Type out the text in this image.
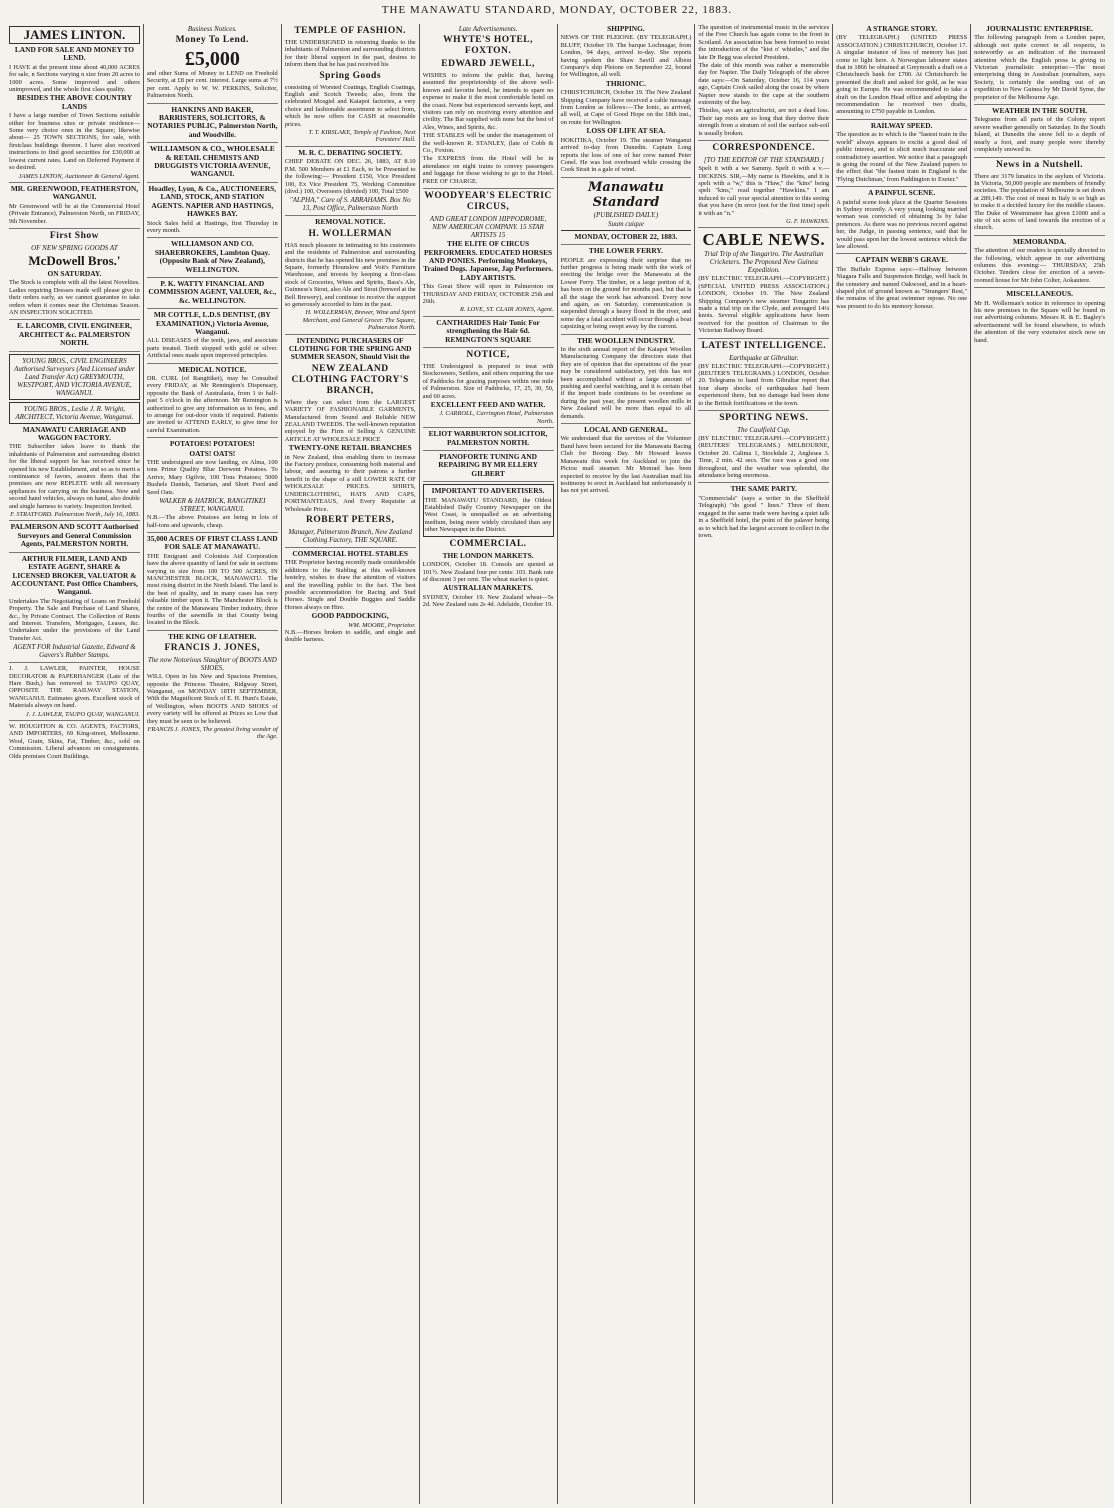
THE MANAWATU STANDARD, MONDAY, OCTOBER 22, 1883.
JAMES LINTON.
LAND FOR SALE AND MONEY TO LEND.
I HAVE at the present time about 40,000 ACRES for sale, n Sections varying n size from 20 acres to 1000 acres. Some improved and others unimproved, and the whole first class quality.
BESIDES THE ABOVE COUNTRY LANDS
I have a large number of Town Sections suitable either for business sites or private residence—Some very choice ones in the Square; likewise about— 25 TOWN SECTIONS, for sale, with firstclass buildings thereon. I have also received instructions to find good securities for £30,000 at lowest current rates. Land on Deferred Payment if so desired.
JAMES LINTON, Auctioneer & General Agent.
MR. GREENWOOD, FEATHERSTON, WANGANUI.
Mr Greenwood will be at the Commercial Hotel (Private Entrance), Palmerston North, on FRIDAY, 9th November.
First Show
OF NEW SPRING GOODS AT
McDowell Bros.'
ON SATURDAY.
The Stock is complete with all the latest Novelties. Ladies requiring Dresses made will please give in their orders early, as we cannot guarantee to take orders when it comes near the Christmas Season. AN INSPECTION SOLICITED.
E. LARCOMB, CIVIL ENGINEER, ARCHITECT &c. PALMERSTON NORTH.
YOUNG BROS., CIVIL ENGINEERS Authorised Surveyors (And Licensed under Land Transfer Act) GREYMOUTH, WESTPORT, AND VICTORIA AVENUE, WANGANUI.
YOUNG BROS., Leslie J. R. Wright, ARCHITECT, Victoria Avenue, Wanganui.
MANAWATU CARRIAGE AND WAGGON FACTORY.
THE Subscriber takes leave to thank the inhabitants of Palmerston and surrounding district for the liberal support he has received since he opened his new Establishment, and so as to merit a continuance of favors, assures them that the premises are now REPLETE with all necessary appliances for carrying on the business. New and second hand vehicles, always on hand, also double and single harness to variety. Inspection Invited.
F. STRATFORD. Palmerston North, July 16, 1883.
PALMERSON AND SCOTT Authorised Surveyors and General Commission Agents, PALMERSTON NORTH.
ARTHUR FILMER, LAND AND ESTATE AGENT, SHARE & LICENSED BROKER, VALUATOR & ACCOUNTANT. Post Office Chambers, Wanganui.
Undertakes The Negotiating of Loans on Freehold Property. The Sale and Purchase of Land Shares, &c., by Private Contract. The Collection of Rents and Interest. Transfers, Mortgages, Leases, &c. Undertaken under the provisions of the Land Transfer Act.
AGENT FOR Industrial Gazette, Edward & Gavers's Rubber Stamps.
J. J. LAWLER, PAINTER, HOUSE DECORATOR & PAPERHANGER (Late of the Hare Bush,) has removed to TAUPO QUAY, OPPOSITE THE RAILWAY STATION, WANGANUI. Estimates given. Excellent stock of Materials always on hand.
J. J. LAWLER, TAUPO QUAY, WANGANUI.
W. HOUGHTON & CO. AGENTS, FACTORS, AND IMPORTERS, 69 King-street, Melbourne. Wool, Grain, Skins, Fat, Timber, &c., sold on Commission. Liberal advances on consignments. Olds premises Court Buildings.
Business Notices.
Money To Lend.
£5,000
and other Sums of Money to LEND on Freehold Security, at £8 per cent. interest. Large sums at 7½ per cent. Apply to W. W. PERKINS, Solicitor, Palmerston North.
HANKINS AND BAKER, BARRISTERS, SOLICITORS, & NOTARIES PUBLIC, Palmerston North, and Woodville.
WILLIAMSON & CO., WHOLESALE & RETAIL CHEMISTS AND DRUGGISTS VICTORIA AVENUE, WANGANUI.
Hoadley, Lyon, & Co., AUCTIONEERS, LAND, STOCK, AND STATION AGENTS. NAPIER AND HASTINGS, HAWKES BAY.
Stock Sales held at Hastings, first Thursday in every month.
WILLIAMSON AND CO. SHAREBROKERS, Lambton Quay. (Opposite Bank of New Zealand), WELLINGTON.
P. K. WATTY FINANCIAL AND COMMISSION AGENT, VALUER, &c., &c. WELLINGTON.
MR COTTLE, L.D.S DENTIST, (BY EXAMINATION,) Victoria Avenue, Wanganui.
ALL DISEASES of the teeth, jaws, and associate parts treated. Teeth stopped with gold or silver. Artificial ones made upon improved principles.
MEDICAL NOTICE.
DR. CURL (of Rangitikei), may be Consulted every FRIDAY, at Mr Remington's Dispensary, opposite the Bank of Australasia, from 1 to half-past 5 o'clock in the afternoon. Mr Remington is authorized to give any information as to fees, and to arrange for out-door visits if required. Patients are invited to ATTEND EARLY, to give time for careful Examination.
POTATOES! POTATOES!
OATS! OATS!
THE undersigned are now landing, ex Alma, 100 tons Prime Quality Blue Derwent Potatoes. To Arrive, Mary Ogilvie, 100 Tons Potatoes; 5000 Bushels Danish, Tartarian, and Short Feed and Seed Oats.
WALKER & HATRICK, RANGITIKEI STREET, WANGANUI.
N.B.—The above Potatoes are being in lots of half-tons and upwards, cheap.
35,000 ACRES OF FIRST CLASS LAND FOR SALE AT MANAWATU.
THE Emigrant and Colonists Aid Corporation have the above quantity of land for sale in sections varying in size from 100 TO 500 ACRES, IN MANCHESTER BLOCK, MANAWATU. The most rising district in the North Island. The land is the best of quality, and in many cases has very valuable timber upon it. The Manchester Block is the centre of the Manawatu Timber industry, three fourths of the sawmills in that County being located in the Block.
THE KING OF LEATHER.
FRANCIS J. JONES,
The now Notorious Slaughter of BOOTS AND SHOES,
WILL Open in his New and Spacious Premises, opposite the Princess Theatre, Ridgway Street, Wanganui, on MONDAY 18TH SEPTEMBER, With the Magnificent Stock of E. H. Hunt's Estate, of Wellington, when BOOTS AND SHOES of every variety will be offered at Prices so Low that they must be seen to be believed.
FRANCIS J. JONES, The greatest living wonder of the Age.
TEMPLE OF FASHION.
THE UNDERSIGNED in returning thanks to the inhabitants of Palmerston and surrounding districts for their liberal support in the past, desires to inform them that he has just received his
Spring Goods
consisting of Worsted Coatings, English Coatings, English and Scotch Tweeds; also, from the celebrated Mosgiel and Kaiapoi factories, a very choice and fashionable assortment to select from, which he now offers for CASH at reasonable prices.
T. T. KIRSLAKE, Temple of Fashion, Next Foresters' Hall.
M. R. C. DEBATING SOCIETY.
CHIEF DEBATE ON DEC. 26, 1883, AT 8.10 P.M. 500 Members at £1 Each, to be Presented to the following:— President £150, Vice President 100, Ex Vice President 75, Working Committee (divd.) 100, Overseers (divided) 100, Total £500
"ALPHA," Care of S. ABRAHAMS. Box No 13, Post Office, Palmerston North
REMOVAL NOTICE.
H. WOLLERMAN
HAS much pleasure in intimating to his customers and the residents of Palmerston and surrounding districts that he has opened his new premises in the Square, formerly Hounslow and Voit's Furniture Warehouse, and invests by keeping a first-class stock of Groceries, Wines and Spirits, Bass's Ale, Guinness's Stout, also Ale and Stout (brewed at the Bell Brewery), and continue to receive the support so generously accorded to him in the past.
H. WOLLERMAN, Brewer, Wine and Spirit Merchant, and General Grocer. The Square, Palmerston North.
INTENDING PURCHASERS OF CLOTHING FOR THE SPRING AND SUMMER SEASON, Should Visit the
NEW ZEALAND CLOTHING FACTORY'S BRANCH,
Where they can select from the LARGEST VARIETY OF FASHIONABLE GARMENTS, Manufactured from Sound and Reliable NEW ZEALAND TWEEDS. The well-known reputation enjoyed by the Firm of Selling A GENUINE ARTICLE AT WHOLESALE PRICE
TWENTY-ONE RETAIL BRANCHES
in New Zealand, thus enabling them to increase the Factory produce, consuming both material and labour, and assuring to their patrons a further benefit in the shape of a still LOWER RATE OF WHOLESALE PRICES. SHIRTS, UNDERCLOTHING, HATS AND CAPS, PORTMANTEAUS, And Every Requisite at Wholesale Price.
ROBERT PETERS,
Manager, Palmerston Branch, New Zealand Clothing Factory, THE SQUARE.
COMMERCIAL HOTEL STABLES
THE Proprietor having recently made considerable additions to the Stabling at this well-known hostelry, wishes to draw the attention of visitors and the travelling public to the fact. The best possible accommodation for Racing and Stud Horses. Single and Double Buggies and Saddle Horses always on Hire.
GOOD PADDOCKING,
WM. MOORE, Proprietor.
N.B.—Horses broken to saddle, and single and double harness.
Late Advertisements.
WHYTE'S HOTEL, FOXTON.
EDWARD JEWELL,
WISHES to inform the public that, having assumed the proprietorship of the above well-known and favorite hotel, he intends to spare no expense to make it the most comfortable hotel on the coast. None but experienced servants kept, and visitors can rely on receiving every attention and civility. The Bar supplied with none but the best of Ales, Wines, and Spirits, &c.
THE STABLES will be under the management of the well-known R. STANLEY, (late of Cobb & Co., Foxton.
The EXPRESS from the Hotel will be in attendance on night trains to convey passengers and luggage for those wishing to go to the Hotel. FREE OF CHARGE.
WOODYEAR'S ELECTRIC CIRCUS,
AND GREAT LONDON HIPPODROME, NEW AMERICAN COMPANY. 15 STAR ARTISTS 15
THE ELITE OF CIRCUS PERFORMERS. EDUCATED HORSES AND PONIES. Performing Monkeys, Trained Dogs. Japanese, Jap Performers. LADY ARTISTS.
This Great Show will open in Palmerston on THURSDAY AND FRIDAY, OCTOBER 25th and 26th.
R. LOVE, ST. CLAIR JONES, Agent.
CANTHARIDES Hair Tonic For strengthening the Hair 6d. REMINGTON'S SQUARE
NOTICE,
THE Undersigned is prepared to treat with Stockowners, Settlers, and others requiring the use of Paddocks for grazing purposes within one mile of Palmerston. Size of Paddocks, 17, 25, 30, 50, and 60 acres.
EXCELLENT FEED AND WATER.
J. CARROLL, Carrington Hotel, Palmerston North.
ELIOT WARBURTON SOLICITOR, PALMERSTON NORTH.
PIANOFORTE TUNING AND REPAIRING BY MR ELLERY GILBERT
IMPORTANT TO ADVERTISERS.
THE MANAWATU STANDARD, the Oldest Established Daily Country Newspaper on the West Coast, is unequalled as an advertising medium, being more widely circulated than any other Newspaper in the District.
COMMERCIAL.
THE LONDON MARKETS.
LONDON, October 18. Consols are quoted at 101½. New Zealand four per cents: 103. Bank rate of discount 3 per cent. The wheat market is quiet.
AUSTRALIAN MARKETS.
SYDNEY, October 19. New Zealand wheat—5s 2d. New Zealand oats 2s 4d. Adelaide, October 19.
SHIPPING.
NEWS OF THE PLEIONE. (BY TELEGRAPH.) BLUFF, October 19. The barque Lochnagar, from London, 94 days, arrived to-day. She reports having spoken the Shaw Savill and Albion Company's ship Pleione on September 22, bound for Wellington, all well.
THRIONIC.
CHRISTCHURCH, October 19. The New Zealand Shipping Company have received a cable message from London as follows:—The Ionic, as arrived, all well, at Cape of Good Hope on the 18th inst., on route for Wellington.
LOSS OF LIFE AT SEA.
HOKITIKA, October 19. The steamer Wanganui arrived to-day from Dunedin. Captain Long reports the loss of one of her crew named Peter Conel. He was lost overboard while crossing the Cook Strait in a gale of wind.
Manawatu Standard
(PUBLISHED DAILY.)
Suum cuique
MONDAY, OCTOBER 22, 1883.
THE LOWER FERRY.
PEOPLE are expressing their surprise that no further progress is being made with the work of erecting the bridge over the Manawatu at the Lower Ferry. The timber, or a large portion of it, has been on the ground for months past, but that is all the stage the work has advanced. Every now and again, as on Saturday, communication is suspended through a heavy flood in the river, and some day a fatal accident will occur through a boat capsizing or being swept away by the current.
THE WOOLLEN INDUSTRY.
In the sixth annual report of the Kaiapoi Woollen Manufacturing Company the directors state that they are of opinion that the operations of the year may be considered satisfactory, yet this has not been accomplished without a large amount of pushing and careful watching, and it is certain that if the import trade continues to be overdone as during the past year, the present woollen mills in New Zealand will be more than equal to all demands.
LOCAL AND GENERAL.
We understand that the services of the Volunteer Band have been secured for the Manawatu Racing Club for Boxing Day. Mr Howard leaves Manawatu this week for Auckland to join the Pictou mail steamer. Mr Monrad has been expected to receive by the last Australian mail his testimony to erect in Auckland but unfortunately it has not yet arrived.
The question of instrumental music in the services of the Free Church has again come to the front in Scotland. An association has been formed to resist the introduction of the "kist o' whistles," and the late Dr Begg was elected President.
The date of this month was rather a memorable day for Napier. The Daily Telegraph of the above date says:—On Saturday, October 16, 114 years ago, Captain Cook sailed along the coast by where Napier now stands to the cape at the southern extremity of the bay.
Thistles, says an agriculturist, are not a dead loss. Their tap roots are so long that they derive their strength from a stratum of soil the surface sub-soil is usually broken.
CORRESPONDENCE.
[TO THE EDITOR OF THE STANDARD.]
Spelt it with a we Sammy. Spelt it with a v.—DICKENS. SIR,—My name is Hawkins, and it is spelt with a "w," this is "Haw," the "kins" being spelt "kins," read together "Hawkins." I am induced to call your special attention to this seeing that you have (in error (not for the first time) spelt it with an "n."
G. F. HAWKINS.
CABLE NEWS.
Trial Trip of the Tongariro. The Australian Cricketers. The Proposed New Guinea Expedition.
(BY ELECTRIC TELEGRAPH.—COPYRIGHT.) (SPECIAL UNITED PRESS ASSOCIATION.) LONDON, October 19. The New Zealand Shipping Company's new steamer Tongariro has made a trial trip on the Clyde, and averaged 14¼ knots. Several eligible applications have been received for the position of Chairman to the Victorian Railway Board.
LATEST INTELLIGENCE.
Earthquake at Gibraltar.
(BY ELECTRIC TELEGRAPH.—COPYRIGHT.) (REUTER'S TELEGRAMS.) LONDON, October 20. Telegrams to hand from Gibraltar report that four sharp shocks of earthquakes had been experienced there, but no damage had been done to the British fortifications or the town.
SPORTING NEWS.
The Caulfield Cup.
(BY ELECTRIC TELEGRAPH.—COPYRIGHT.) (REUTERS' TELEGRAMS.) MELBOURNE, October 20. Calima 1, Stockdale 2, Anglesea 3. Time, 2 min. 42 secs. The race was a good one throughout, and the weather was splendid, the attendance being enormous.
THE SAME PARTY.
"Commercials" (says a writer in the Sheffield Telegraph) "do good " lines." Three of them engaged in the same trade were having a quiet talk in a Sheffield hotel, the point of the palaver being as to which had the largest account to collect in the town.
A STRANGE STORY.
(BY TELEGRAPH.) (UNITED PRESS ASSOCIATION.) CHRISTCHURCH, October 17. A singular instance of loss of memory has just come to light here. A Norwegian labourer states that in 1866 he obtained at Greymouth a draft on a Christchurch bank for £700. At Christchurch he presented the draft and asked for gold, as he was going to Europe. He was recommended to take a draft on the London Head office and adopting the recommendation he received two drafts, amounting to £750 payable in London.
RAILWAY SPEED.
The question as to which is the "fastest train in the world" always appears to excite a good deal of public interest, and to elicit much inaccurate and contradictory assertion. We notice that a paragraph is going the round of the New Zealand papers to the effect that "the fastest train in England is the 'Flying Dutchman,' from Paddington to Exeter."
A PAINFUL SCENE.
A painful scene took place at the Quarter Sessions in Sydney recently. A very young looking married woman was convicted of obtaining 3s by false pretences. As there was no previous record against her, the Judge, in passing sentence, said that he would pass upon her the lowest sentence which the law allowed.
CAPTAIN WEBB'S GRAVE.
The Buffalo Express says:—Halfway between Niagara Falls and Suspension Bridge, well back in the cemetery and named Oakwood, and in a heart-shaped plot of ground known as "Strangers' Rest," the remains of the great swimmer repose. No one was present to do his memory honour.
JOURNALISTIC ENTERPRISE.
The following paragraph from a London paper, although not quite correct in all respects, is noteworthy as an indication of the increased attention which the English press is giving to Victorian journalistic enterprise:—The most enterprising thing in Australian journalism, says Society, is certainly the sending out of an expedition to New Guinea by Mr David Syme, the proprietor of the Melbourne Age.
WEATHER IN THE SOUTH.
Telegrams from all parts of the Colony report severe weather generally on Saturday. In the South Island, at Dunedin the snow fell to a depth of nearly a foot, and many people were thereby completely snowed in.
News in a Nutshell.
There are 3179 lunatics in the asylum of Victoria. In Victoria, 50,000 people are members of friendly societies. The population of Melbourne is set down at 289,149. The cost of meat in Italy is so high as to make it a decided luxury for the middle classes. The Duke of Westminster has given £1000 and a site of six acres of land towards the erection of a church.
MEMORANDA.
The attention of our readers is specially directed to the following, which appear in our advertising columns this evening:— THURSDAY, 25th October. Tenders close for erection of a seven-roomed house for Mr John Colter, Aokautere.
MISCELLANEOUS.
Mr H. Wollerman's notice in reference to opening his new premises in the Square will be found in our advertising columns. Messrs R. & E. Bagley's advertisement will be found elsewhere, to which the attention of the very extensive stock now on hand.
